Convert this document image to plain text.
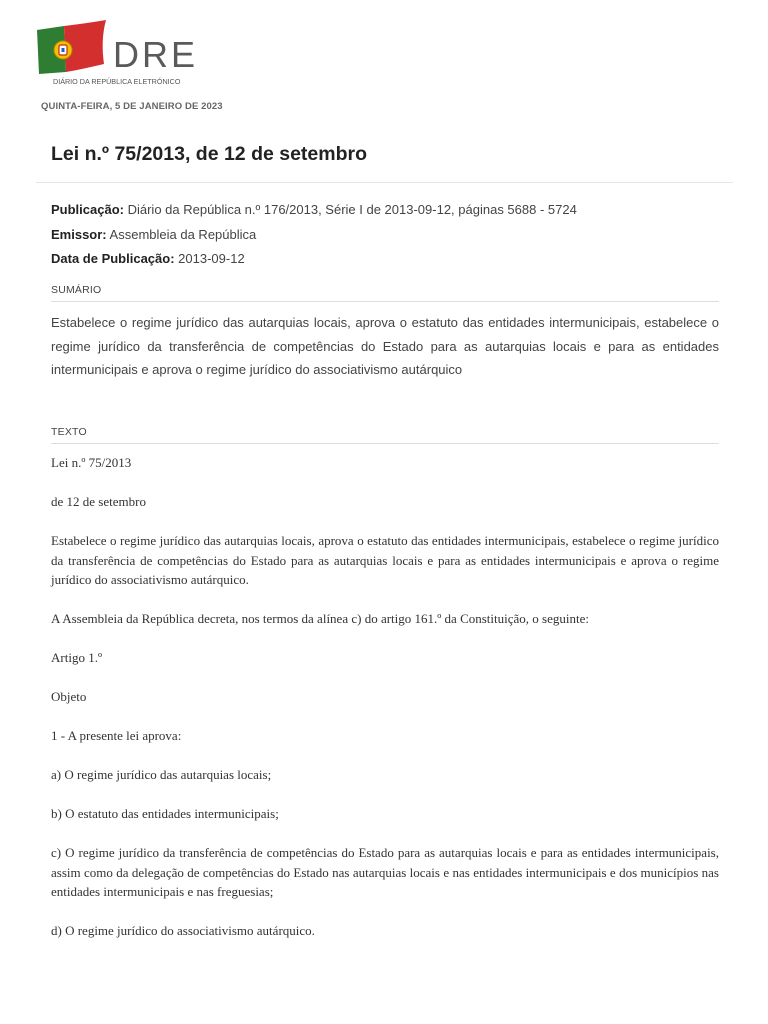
DRE
DIÁRIO DA REPÚBLICA ELETRÓNICO
QUINTA-FEIRA, 5 DE JANEIRO DE 2023
Lei n.º 75/2013, de 12 de setembro
Publicação: Diário da República n.º 176/2013, Série I de 2013-09-12, páginas 5688 - 5724
Emissor: Assembleia da República
Data de Publicação: 2013-09-12
SUMÁRIO

Estabelece o regime jurídico das autarquias locais, aprova o estatuto das entidades intermunicipais, estabelece o regime jurídico da transferência de competências do Estado para as autarquias locais e para as entidades intermunicipais e aprova o regime jurídico do associativismo autárquico

TEXTO

Lei n.º 75/2013

de 12 de setembro

Estabelece o regime jurídico das autarquias locais, aprova o estatuto das entidades intermunicipais, estabelece o regime jurídico da transferência de competências do Estado para as autarquias locais e para as entidades intermunicipais e aprova o regime jurídico do associativismo autárquico.

A Assembleia da República decreta, nos termos da alínea c) do artigo 161.º da Constituição, o seguinte:

Artigo 1.º

Objeto

1 - A presente lei aprova:

a) O regime jurídico das autarquias locais;

b) O estatuto das entidades intermunicipais;

c) O regime jurídico da transferência de competências do Estado para as autarquias locais e para as entidades intermunicipais, assim como da delegação de competências do Estado nas autarquias locais e nas entidades intermunicipais e dos municípios nas entidades intermunicipais e nas freguesias;

d) O regime jurídico do associativismo autárquico.
